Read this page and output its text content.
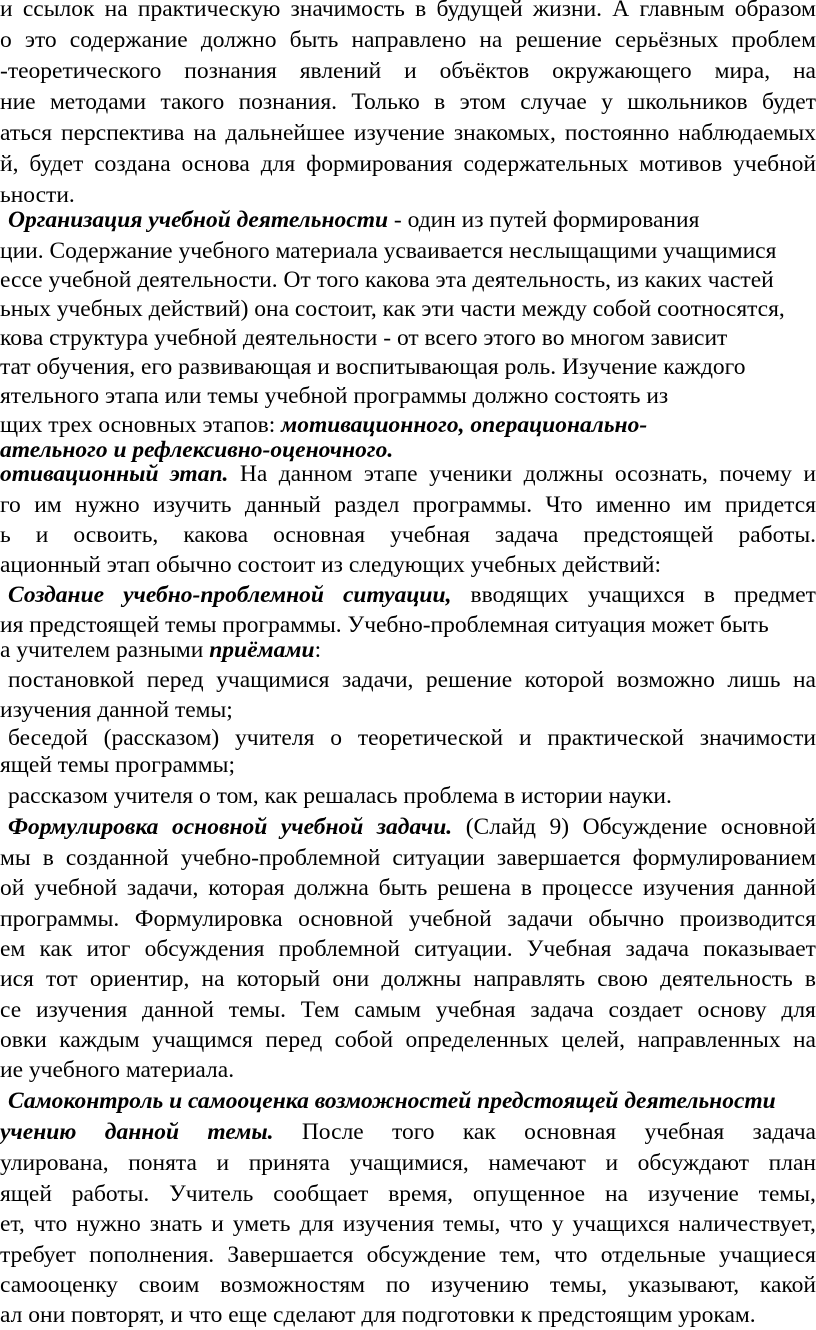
и ссылок на практическую значимость в будущей жизни. А главным образом
о это содержание должно быть направлено на решение серьёзных проблем
-теоретического познания явлений и объёктов окружающего мира, на
ние методами такого познания. Только в этом случае у школьников будет
аться перспектива на дальнейшее изучение знакомых, постоянно наблюдаемых
й, будет создана основа для формирования содержательных мотивов учебной
ьности.
Организация учебной деятельности - один из путей формирования
ции. Содержание учебного материала усваивается неслыщащими учащимися
ессе учебной деятельности. От того какова эта деятельность, из каких частей
ьных учебных действий) она состоит, как эти части между собой соотносятся,
кова структура учебной деятельности - от всего этого во многом зависит
тат обучения, его развивающая и воспитывающая роль. Изучение каждого
ятельного этапа или темы учебной программы должно состоять из
щих трех основных этапов: мотивационного, операционально-
ательного и рефлексивно-оценочного.
отивационный этап. На данном этапе ученики должны осознать, почему и
го им нужно изучить данный раздел программы. Что именно им придется
ь и освоить, какова основная учебная задача предстоящей работы.
ационный этап обычно состоит из следующих учебных действий:
Создание учебно-проблемной ситуации, вводящих учащихся в предмет
ия предстоящей темы программы. Учебно-проблемная ситуация может быть
а учителем разными приёмами:
постановкой перед учащимися задачи, решение которой возможно лишь на
изучения данной темы;
беседой (рассказом) учителя о теоретической и практической значимости
ящей темы программы;
рассказом учителя о том, как решалась проблема в истории науки.
Формулировка основной учебной задачи. (Слайд 9) Обсуждение основной
мы в созданной учебно-проблемной ситуации завершается формулированием
ой учебной задачи, которая должна быть решена в процессе изучения данной
программы. Формулировка основной учебной задачи обычно производится
ем как итог обсуждения проблемной ситуации. Учебная задача показывает
ися тот ориентир, на который они должны направлять свою деятельность в
се изучения данной темы. Тем самым учебная задача создает основу для
овки каждым учащимся перед собой определенных целей, направленных на
ие учебного материала.
Самоконтроль и самооценка возможностей предстоящей деятельности
учению данной темы. После того как основная учебная задача
улирована, понята и принята учащимися, намечают и обсуждают план
ящей работы. Учитель сообщает время, опущенное на изучение темы,
ет, что нужно знать и уметь для изучения темы, что у учащихся наличествует,
требует пополнения. Завершается обсуждение тем, что отдельные учащиеся
самооценку своим возможностям по изучению темы, указывают, какой
ал они повторят, и что еще сделают для подготовки к предстоящим урокам.
